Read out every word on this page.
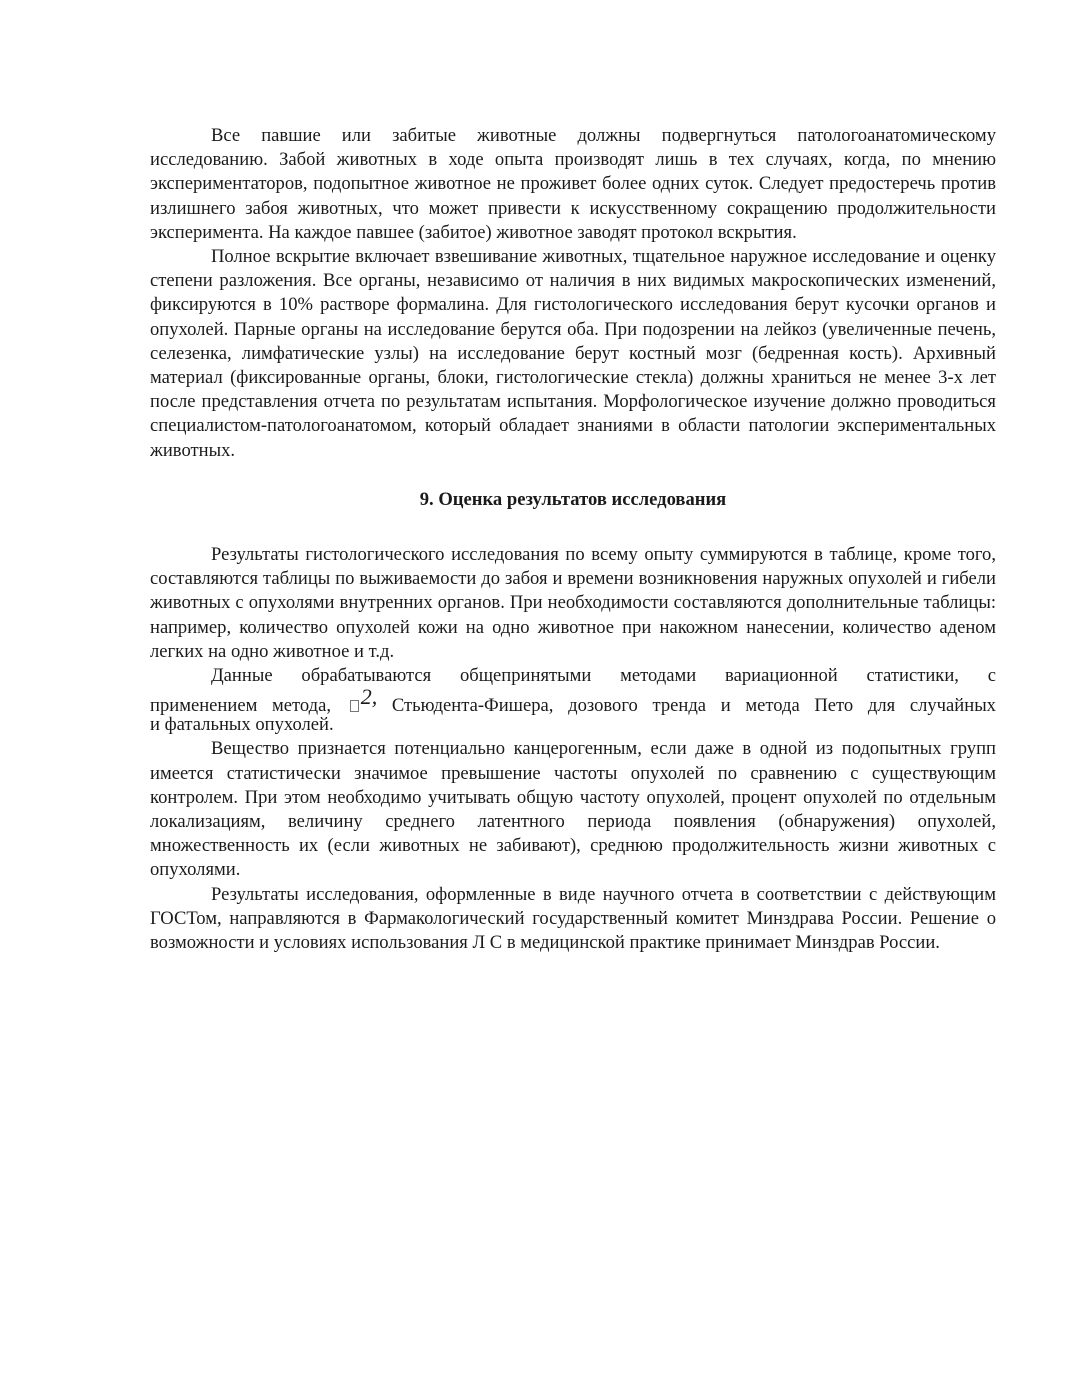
Все павшие или забитые животные должны подвергнуться патологоанатомическому исследованию. Забой животных в ходе опыта производят лишь в тех случаях, когда, по мнению экспериментаторов, подопытное животное не проживет более одних суток. Следует предостеречь против излишнего забоя животных, что может привести к искусственному сокращению продолжительности эксперимента. На каждое павшее (забитое) животное заводят протокол вскрытия.

Полное вскрытие включает взвешивание животных, тщательное наружное исследование и оценку степени разложения. Все органы, независимо от наличия в них видимых макроскопических изменений, фиксируются в 10% растворе формалина. Для гистологического исследования берут кусочки органов и опухолей. Парные органы на исследование берутся оба. При подозрении на лейкоз (увеличенные печень, селезенка, лимфатические узлы) на исследование берут костный мозг (бедренная кость). Архивный материал (фиксированные органы, блоки, гистологические стекла) должны храниться не менее 3-х лет после представления отчета по результатам испытания. Морфологическое изучение должно проводиться специалистом-патологоанатомом, который обладает знаниями в области патологии экспериментальных животных.

9. Оценка результатов исследования

Результаты гистологического исследования по всему опыту суммируются в таблице, кроме того, составляются таблицы по выживаемости до забоя и времени возникновения наружных опухолей и гибели животных с опухолями внутренних органов. При необходимости составляются дополнительные таблицы: например, количество опухолей кожи на одно животное при накожном нанесении, количество аденом легких на одно животное и т.д.

Данные обрабатываются общепринятыми методами вариационной статистики, с

применением метода, 2, Стьюдента-Фишера, дозового тренда и метода Пето для случайных

и фатальных опухолей.

Вещество признается потенциально канцерогенным, если даже в одной из подопытных групп имеется статистически значимое превышение частоты опухолей по сравнению с существующим контролем. При этом необходимо учитывать общую частоту опухолей, процент опухолей по отдельным локализациям, величину среднего латентного периода появления (обнаружения) опухолей, множественность их (если животных не забивают), среднюю продолжительность жизни животных с опухолями.

Результаты исследования, оформленные в виде научного отчета в соответствии с действующим ГОСТом, направляются в Фармакологический государственный комитет Минздрава России. Решение о возможности и условиях использования Л С в медицинской практике принимает Минздрав России.
